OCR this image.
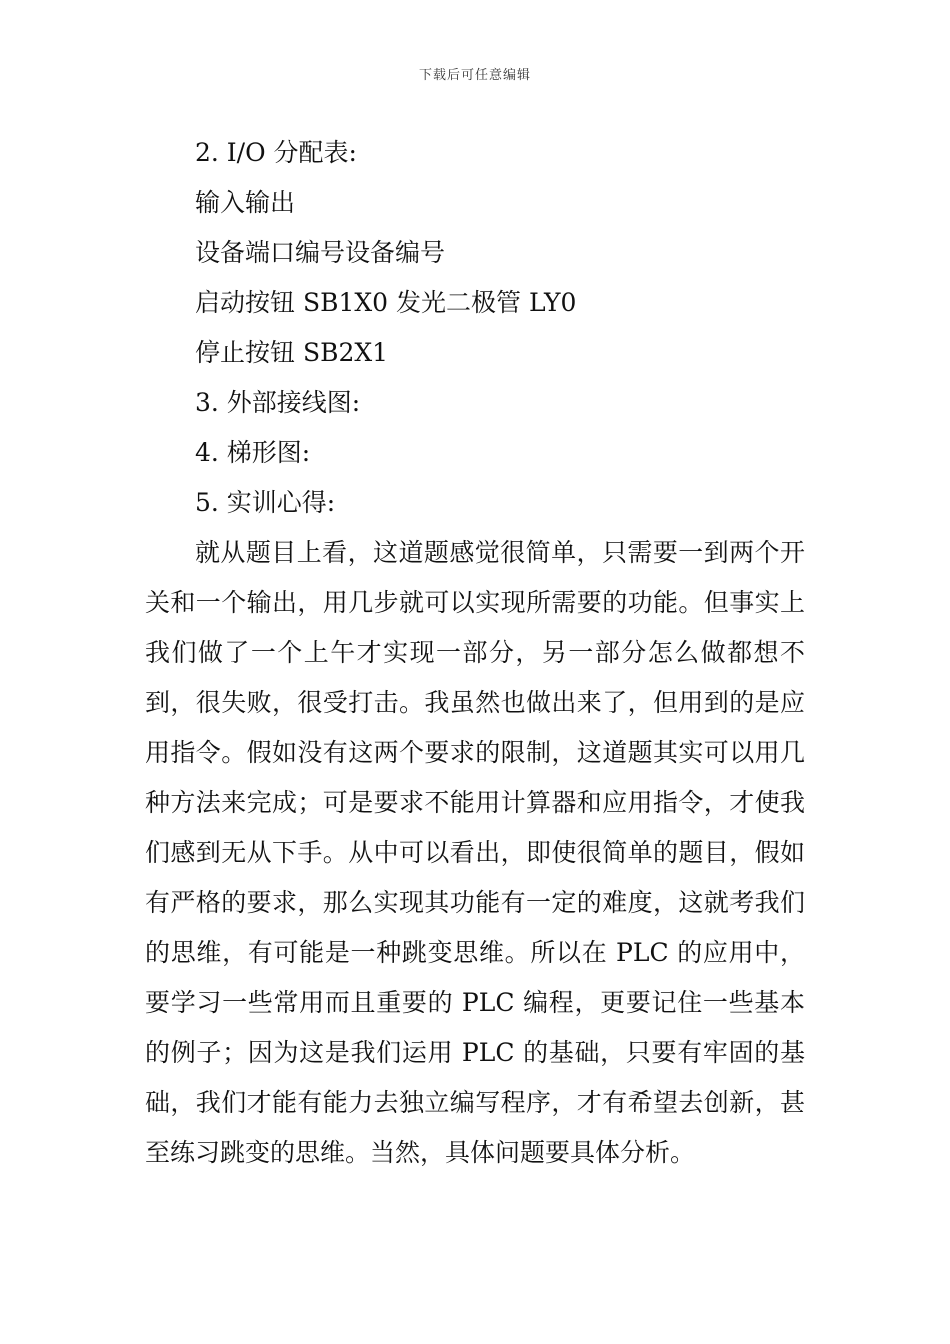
下载后可任意编辑
2. I/O 分配表:
输入输出
设备端口编号设备编号
启动按钮 SB1X0 发光二极管 LY0
停止按钮 SB2X1
3. 外部接线图:
4. 梯形图:
5. 实训心得:

就从题目上看，这道题感觉很简单，只需要一到两个开关和一个输出，用几步就可以实现所需要的功能。但事实上我们做了一个上午才实现一部分，另一部分怎么做都想不到，很失败，很受打击。我虽然也做出来了，但用到的是应用指令。假如没有这两个要求的限制，这道题其实可以用几种方法来完成；可是要求不能用计算器和应用指令，才使我们感到无从下手。从中可以看出，即使很简单的题目，假如有严格的要求，那么实现其功能有一定的难度，这就考我们的思维，有可能是一种跳变思维。所以在 PLC 的应用中，要学习一些常用而且重要的 PLC 编程，更要记住一些基本的例子；因为这是我们运用 PLC 的基础，只要有牢固的基础，我们才能有能力去独立编写程序，才有希望去创新，甚至练习跳变的思维。当然，具体问题要具体分析。
